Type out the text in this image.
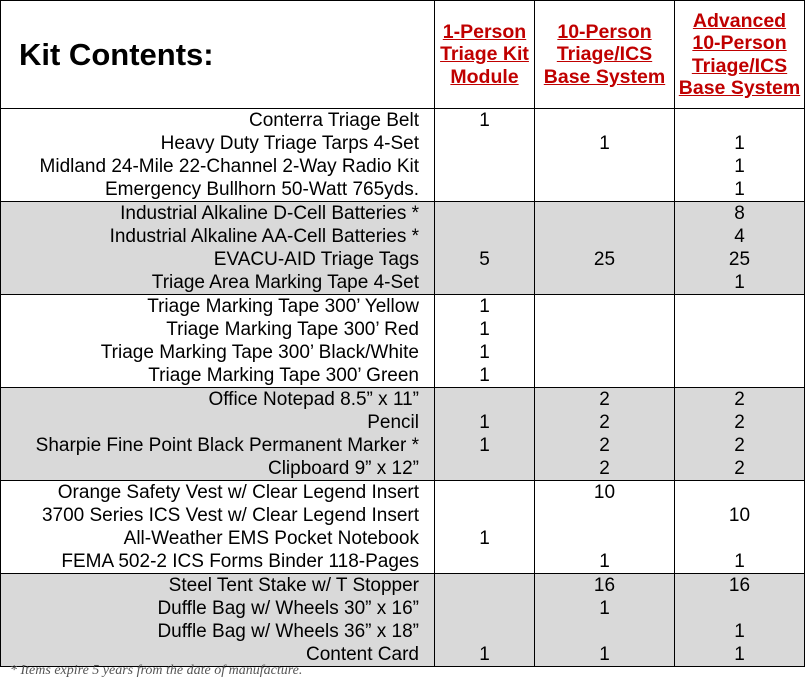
Kit Contents:	1-Person
Triage Kit
Module	10-Person
Triage/ICS
Base System	Advanced
10-Person
Triage/ICS
Base System

Conterra Triage Belt	1		
Heavy Duty Triage Tarps 4-Set		1	1
Midland 24-Mile 22-Channel 2-Way Radio Kit			1
Emergency Bullhorn 50-Watt 765yds.			1
Industrial Alkaline D-Cell Batteries *			8
Industrial Alkaline AA-Cell Batteries *			4
EVACU-AID Triage Tags	5	25	25
Triage Area Marking Tape 4-Set			1
Triage Marking Tape 300’ Yellow	1		
Triage Marking Tape 300’ Red	1		
Triage Marking Tape 300’ Black/White	1		
Triage Marking Tape 300’ Green	1		
Office Notepad 8.5” x 11”		2	2
Pencil	1	2	2
Sharpie Fine Point Black Permanent Marker *	1	2	2
Clipboard 9” x 12”		2	2
Orange Safety Vest w/ Clear Legend Insert		10	
3700 Series ICS Vest w/ Clear Legend Insert			10
All-Weather EMS Pocket Notebook	1		
FEMA 502-2 ICS Forms Binder 118-Pages		1	1
Steel Tent Stake w/ T Stopper		16	16
Duffle Bag w/ Wheels 30” x 16”		1	
Duffle Bag w/ Wheels 36” x 18”			1
Content Card	1	1	1
* Items expire 5 years from the date of manufacture.
